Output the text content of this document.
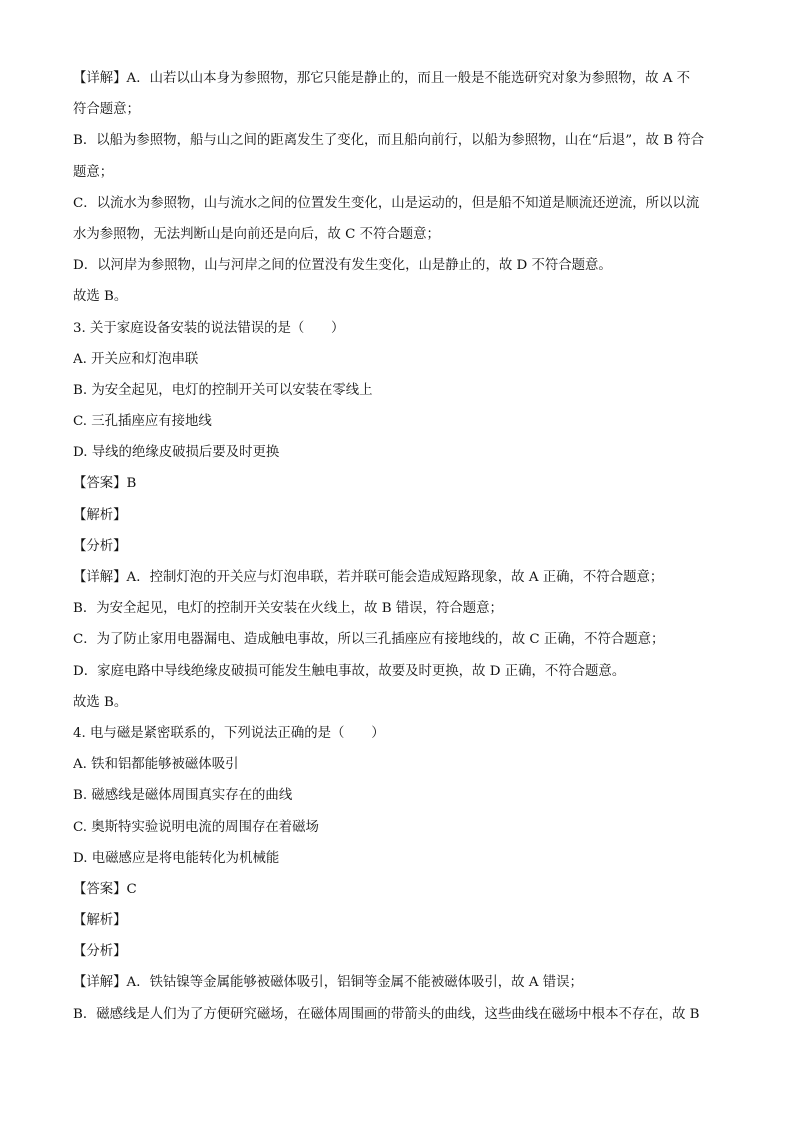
【详解】A．山若以山本身为参照物，那它只能是静止的，而且一般是不能选研究对象为参照物，故 A 不
符合题意；
B．以船为参照物，船与山之间的距离发生了变化，而且船向前行，以船为参照物，山在“后退”，故 B 符合
题意；
C．以流水为参照物，山与流水之间的位置发生变化，山是运动的，但是船不知道是顺流还逆流，所以以流
水为参照物，无法判断山是向前还是向后，故 C 不符合题意；
D．以河岸为参照物，山与河岸之间的位置没有发生变化，山是静止的，故 D 不符合题意。
故选 B。
3. 关于家庭设备安装的说法错误的是（　　）
A. 开关应和灯泡串联
B. 为安全起见，电灯的控制开关可以安装在零线上
C. 三孔插座应有接地线
D. 导线的绝缘皮破损后要及时更换
【答案】B
【解析】
【分析】
【详解】A．控制灯泡的开关应与灯泡串联，若并联可能会造成短路现象，故 A 正确，不符合题意；
B．为安全起见，电灯的控制开关安装在火线上，故 B 错误，符合题意；
C．为了防止家用电器漏电、造成触电事故，所以三孔插座应有接地线的，故 C 正确，不符合题意；
D．家庭电路中导线绝缘皮破损可能发生触电事故，故要及时更换，故 D 正确，不符合题意。
故选 B。
4. 电与磁是紧密联系的，下列说法正确的是（　　）
A. 铁和铝都能够被磁体吸引
B. 磁感线是磁体周围真实存在的曲线
C. 奥斯特实验说明电流的周围存在着磁场
D. 电磁感应是将电能转化为机械能
【答案】C
【解析】
【分析】
【详解】A．铁钴镍等金属能够被磁体吸引，铝铜等金属不能被磁体吸引，故 A 错误；
B．磁感线是人们为了方便研究磁场，在磁体周围画的带箭头的曲线，这些曲线在磁场中根本不存在，故 B
